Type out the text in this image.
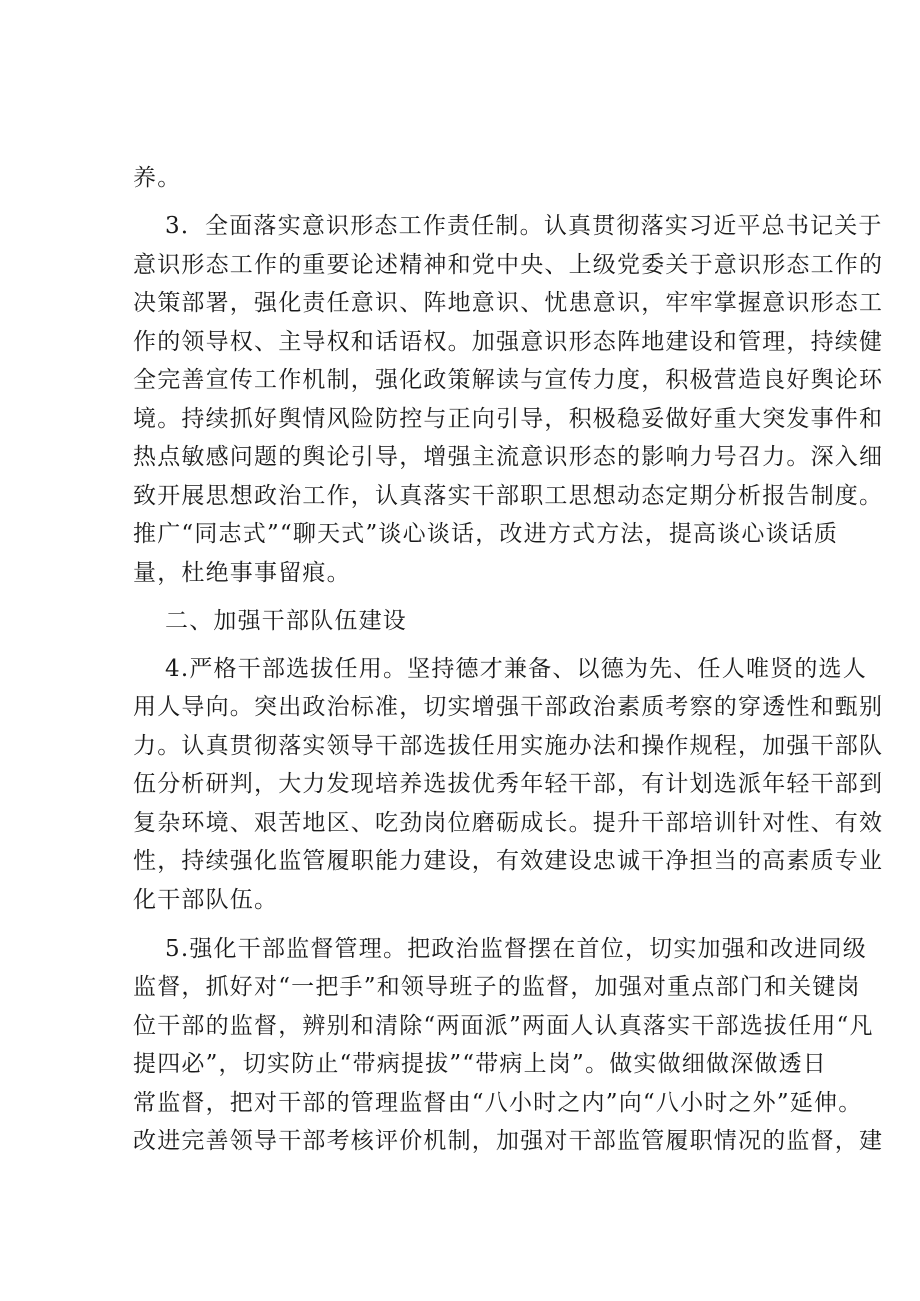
养。
3．全面落实意识形态工作责任制。认真贯彻落实习近平总书记关于
意识形态工作的重要论述精神和党中央、上级党委关于意识形态工作的
决策部署，强化责任意识、阵地意识、忧患意识，牢牢掌握意识形态工
作的领导权、主导权和话语权。加强意识形态阵地建设和管理，持续健
全完善宣传工作机制，强化政策解读与宣传力度，积极营造良好舆论环
境。持续抓好舆情风险防控与正向引导，积极稳妥做好重大突发事件和
热点敏感问题的舆论引导，增强主流意识形态的影响力号召力。深入细
致开展思想政治工作，认真落实干部职工思想动态定期分析报告制度。
推广“同志式”“聊天式”谈心谈话，改进方式方法，提高谈心谈话质
量，杜绝事事留痕。
二、加强干部队伍建设
4.严格干部选拔任用。坚持德才兼备、以德为先、任人唯贤的选人
用人导向。突出政治标准，切实增强干部政治素质考察的穿透性和甄别
力。认真贯彻落实领导干部选拔任用实施办法和操作规程，加强干部队
伍分析研判，大力发现培养选拔优秀年轻干部，有计划选派年轻干部到
复杂环境、艰苦地区、吃劲岗位磨砺成长。提升干部培训针对性、有效
性，持续强化监管履职能力建设，有效建设忠诚干净担当的高素质专业
化干部队伍。
5.强化干部监督管理。把政治监督摆在首位，切实加强和改进同级
监督，抓好对“一把手”和领导班子的监督，加强对重点部门和关键岗
位干部的监督，辨别和清除“两面派”两面人认真落实干部选拔任用“凡
提四必”，切实防止“带病提拔”“带病上岗”。做实做细做深做透日
常监督，把对干部的管理监督由“八小时之内”向“八小时之外”延伸。
改进完善领导干部考核评价机制，加强对干部监管履职情况的监督，建
